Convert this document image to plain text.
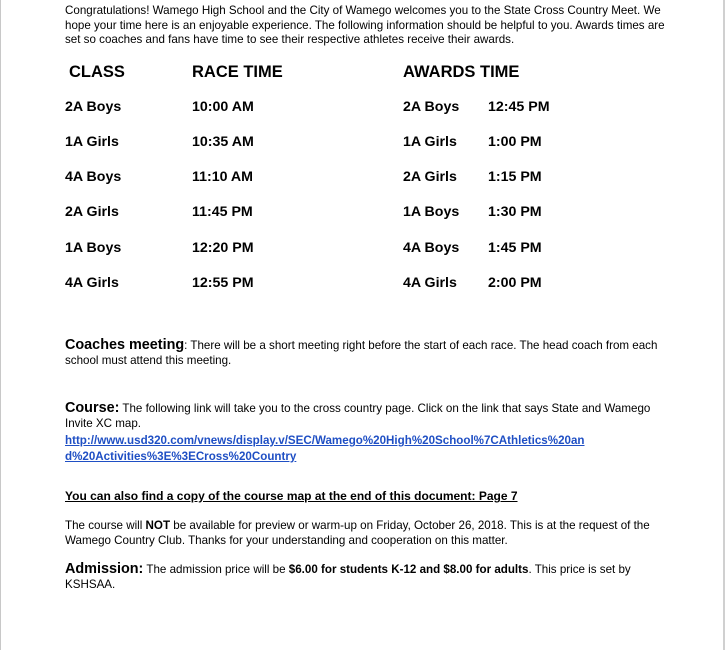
Congratulations! Wamego High School and the City of Wamego welcomes you to the State Cross Country Meet. We hope your time here is an enjoyable experience. The following information should be helpful to you. Awards times are set so coaches and fans have time to see their respective athletes receive their awards.

CLASS	RACE TIME	AWARDS TIME
2A Boys	10:00 AM	2A Boys 12:45 PM
1A Girls	10:35 AM	1A Girls 1:00 PM
4A Boys	11:10 AM	2A Girls 1:15 PM
2A Girls	11:45 PM	1A Boys 1:30 PM
1A Boys	12:20 PM	4A Boys 1:45 PM
4A Girls	12:55 PM	4A Girls 2:00 PM
Coaches meeting: There will be a short meeting right before the start of each race. The head coach from each school must attend this meeting.
Course: The following link will take you to the cross country page. Click on the link that says State and Wamego Invite XC map.
http://www.usd320.com/vnews/display.v/SEC/Wamego%20High%20School%7CAthletics%20an
d%20Activities%3E%3ECross%20Country
You can also find a copy of the course map at the end of this document: Page 7
The course will NOT be available for preview or warm-up on Friday, October 26, 2018. This is at the request of the Wamego Country Club. Thanks for your understanding and cooperation on this matter.
Admission: The admission price will be $6.00 for students K-12 and $8.00 for adults. This price is set by KSHSAA.
